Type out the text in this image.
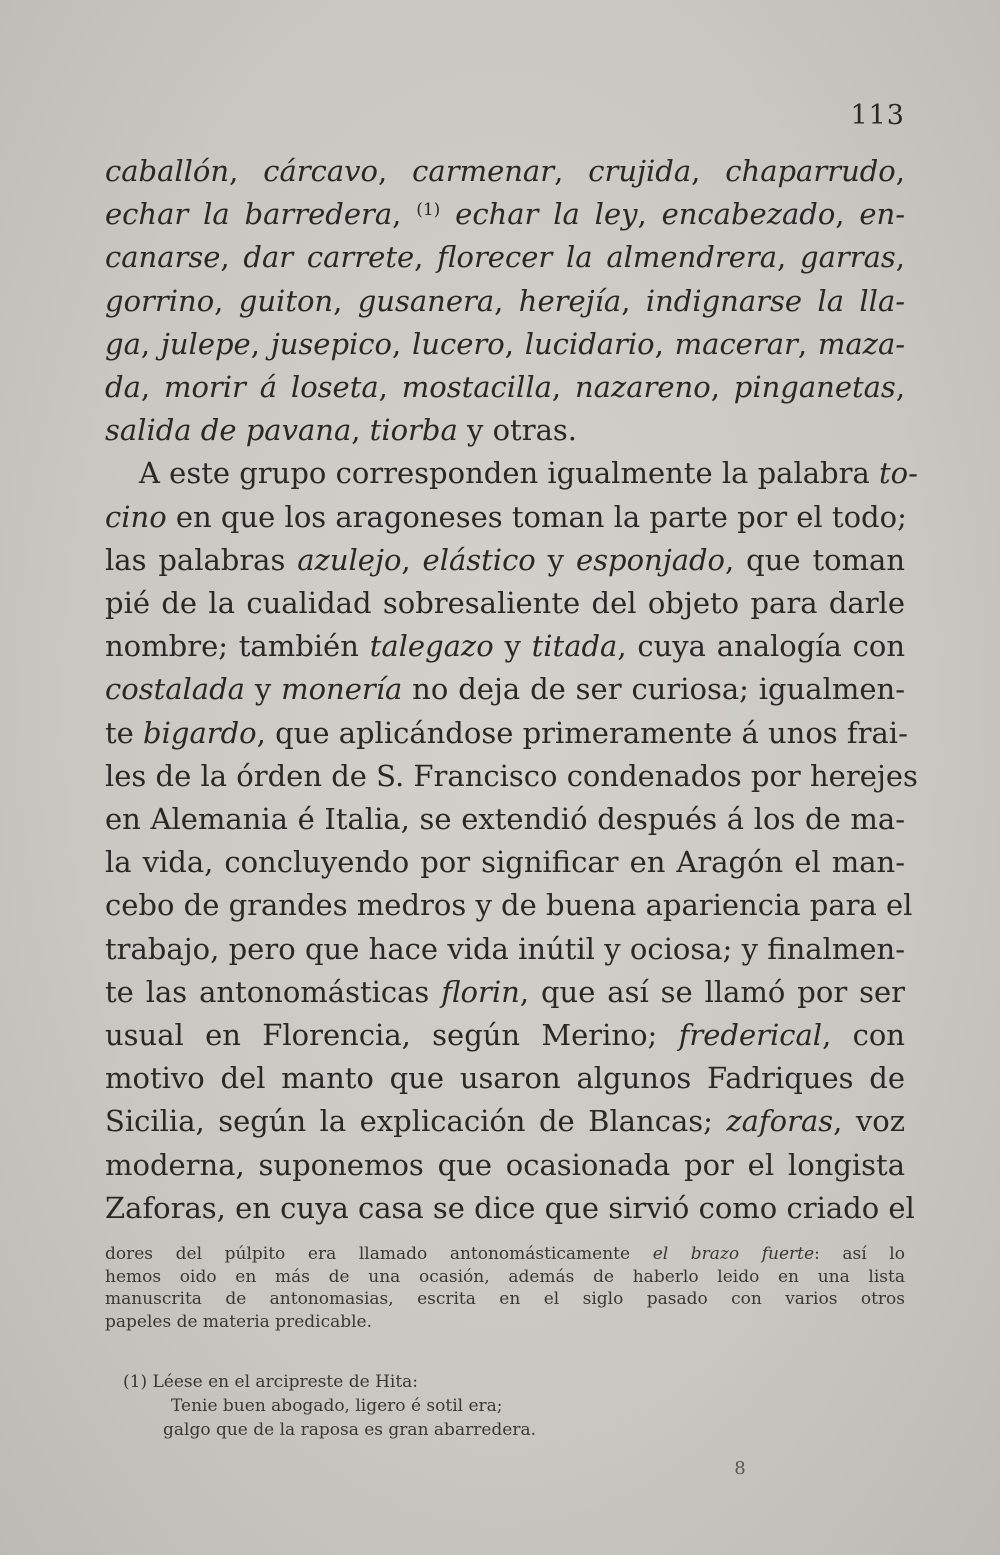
113
caballón, cárcavo, carmenar, crujida, chaparrudo,
echar la barredera, $^{(1)}$ echar la ley, encabezado, en-
canarse, dar carrete, florecer la almendrera, garras,
gorrino, guiton, gusanera, herejía, indignarse la lla-
ga, julepe, jusepico, lucero, lucidario, macerar, maza-
da, morir á loseta, mostacilla, nazareno, pinganetas,
salida de pavana, tiorba y otras.
A este grupo corresponden igualmente la palabra to-
cino en que los aragoneses toman la parte por el todo;
las palabras azulejo, elástico y esponjado, que toman
pié de la cualidad sobresaliente del objeto para darle
nombre; también talegazo y titada, cuya analogía con
costalada y monería no deja de ser curiosa; igualmen-
te bigardo, que aplicándose primeramente á unos frai-
les de la órden de S. Francisco condenados por herejes
en Alemania é Italia, se extendió después á los de ma-
la vida, concluyendo por significar en Aragón el man-
cebo de grandes medros y de buena apariencia para el
trabajo, pero que hace vida inútil y ociosa; y finalmen-
te las antonomásticas florin, que así se llamó por ser
usual en Florencia, según Merino; frederical, con
motivo del manto que usaron algunos Fadriques de
Sicilia, según la explicación de Blancas; zaforas, voz
moderna, suponemos que ocasionada por el longista
Zaforas, en cuya casa se dice que sirvió como criado el
dores del púlpito era llamado antonomásticamente el brazo fuerte: así lo
hemos oido en más de una ocasión, además de haberlo leido en una lista
manuscrita de antonomasias, escrita en el siglo pasado con varios otros
papeles de materia predicable.
(1) Léese en el arcipreste de Hita:
Tenie buen abogado, ligero é sotil era;
galgo que de la raposa es gran abarredera.
8
